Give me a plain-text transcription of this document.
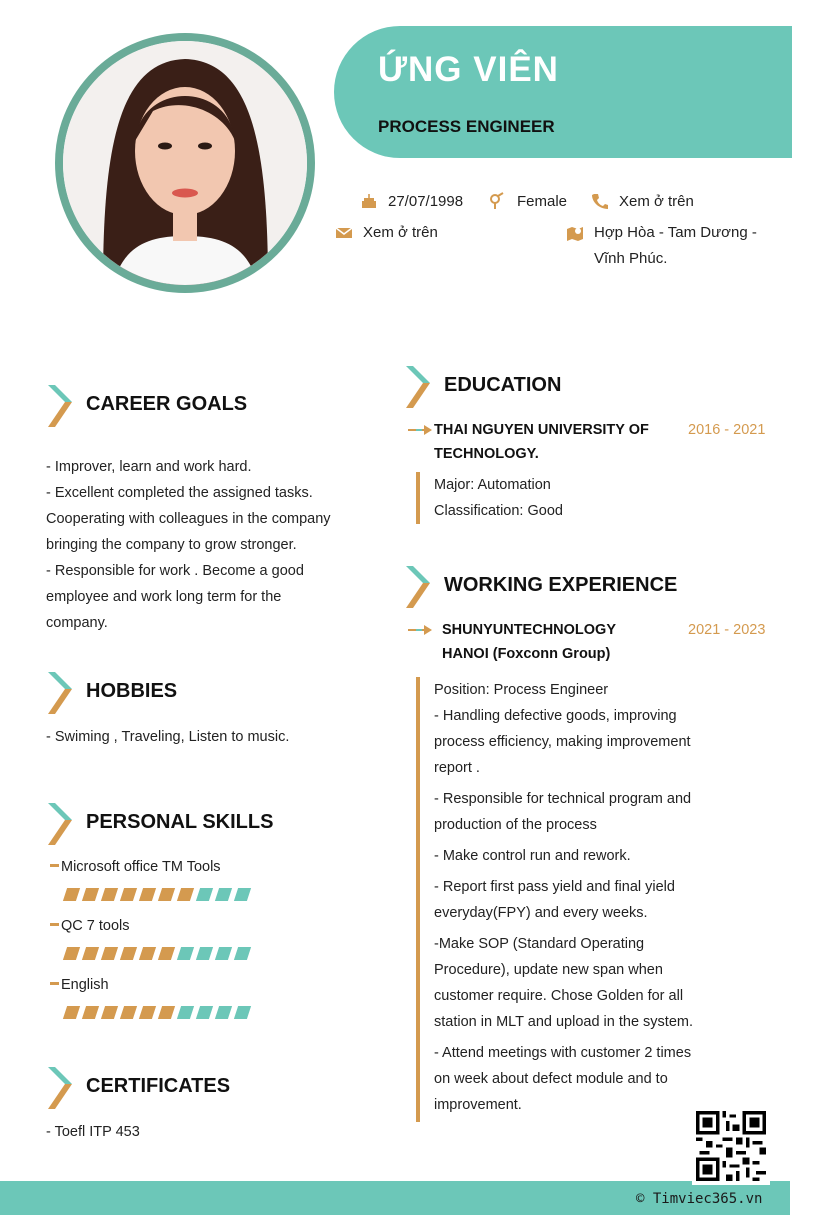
ỨNG VIÊN
PROCESS ENGINEER
27/07/1998	Female	Xem ở trên
Xem ở trên	Hợp Hòa - Tam Dương -
Vĩnh Phúc.
CAREER GOALS
- Improver, learn and work hard.
- Excellent completed the assigned tasks.
Cooperating with colleagues in the company
bringing the company to grow stronger.
- Responsible for work . Become a good
employee and work long term for the
company.
HOBBIES
- Swiming , Traveling, Listen to music.
PERSONAL SKILLS
Microsoft office TM Tools
QC 7 tools
English
CERTIFICATES
- Toefl ITP 453
EDUCATION
THAI NGUYEN UNIVERSITY OF
TECHNOLOGY.
2016 - 2021
Major: Automation
Classification: Good
WORKING EXPERIENCE
SHUNYUNTECHNOLOGY
HANOI (Foxconn Group)
2021 - 2023
Position: Process Engineer
- Handling defective goods, improving
process efficiency, making improvement
report .
- Responsible for technical program and
production of the process
- Make control run and rework.
- Report first pass yield and final yield
everyday(FPY) and every weeks.
-Make SOP (Standard Operating
Procedure), update new span when
customer require. Chose Golden for all
station in MLT and upload in the system.
- Attend meetings with customer 2 times
on week about defect module and to
improvement.
© Timviec365.vn
